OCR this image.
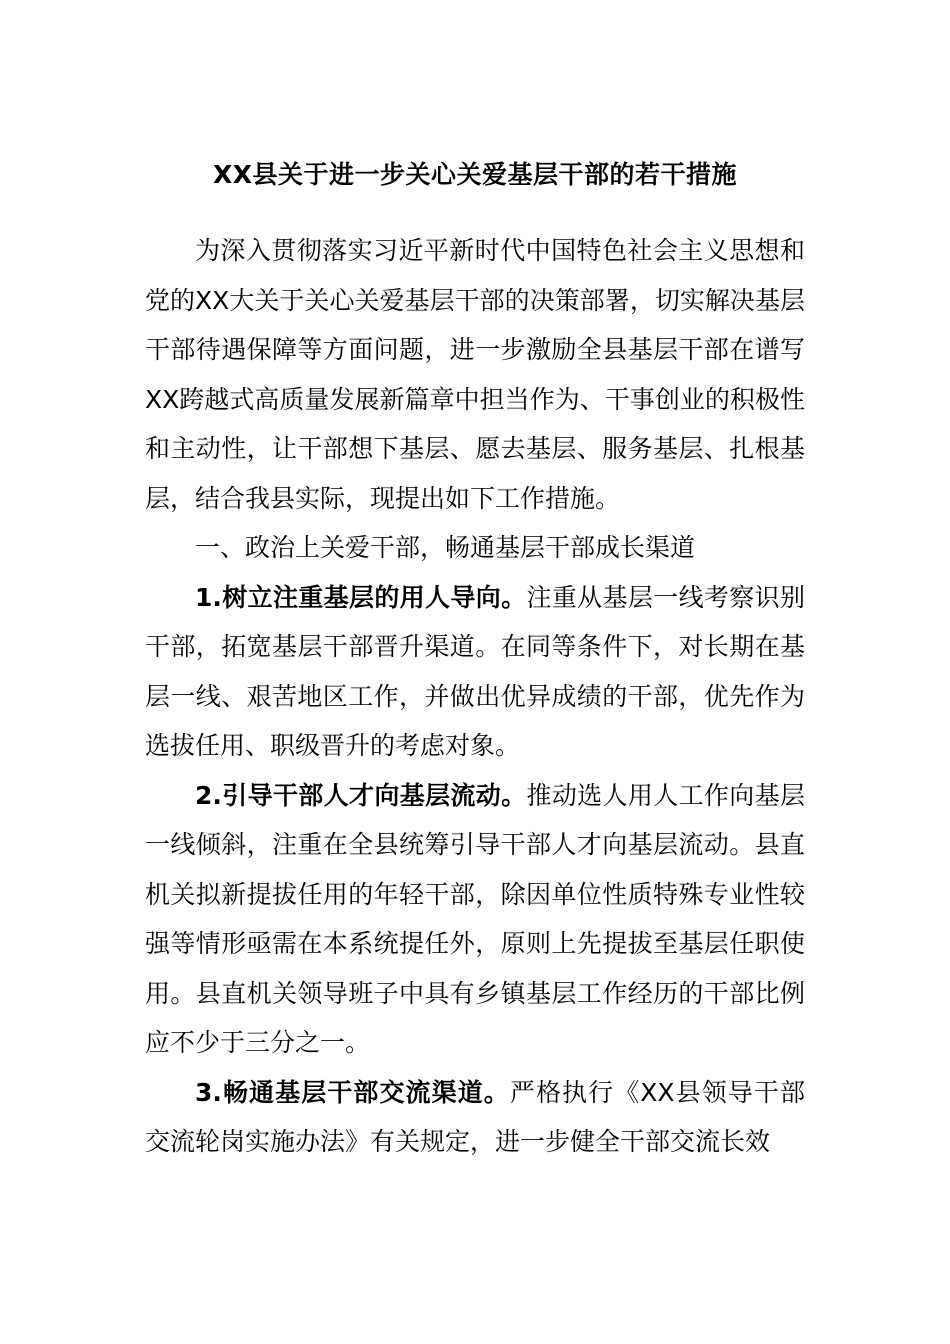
XX县关于进一步关心关爱基层干部的若干措施

为深入贯彻落实习近平新时代中国特色社会主义思想和党的XX大关于关心关爱基层干部的决策部署，切实解决基层干部待遇保障等方面问题，进一步激励全县基层干部在谱写XX跨越式高质量发展新篇章中担当作为、干事创业的积极性和主动性，让干部想下基层、愿去基层、服务基层、扎根基层，结合我县实际，现提出如下工作措施。

一、政治上关爱干部，畅通基层干部成长渠道

1.树立注重基层的用人导向。注重从基层一线考察识别干部，拓宽基层干部晋升渠道。在同等条件下，对长期在基层一线、艰苦地区工作，并做出优异成绩的干部，优先作为选拔任用、职级晋升的考虑对象。

2.引导干部人才向基层流动。推动选人用人工作向基层一线倾斜，注重在全县统筹引导干部人才向基层流动。县直机关拟新提拔任用的年轻干部，除因单位性质特殊专业性较强等情形亟需在本系统提任外，原则上先提拔至基层任职使用。县直机关领导班子中具有乡镇基层工作经历的干部比例应不少于三分之一。

3.畅通基层干部交流渠道。严格执行《XX县领导干部交流轮岗实施办法》有关规定，进一步健全干部交流长效
